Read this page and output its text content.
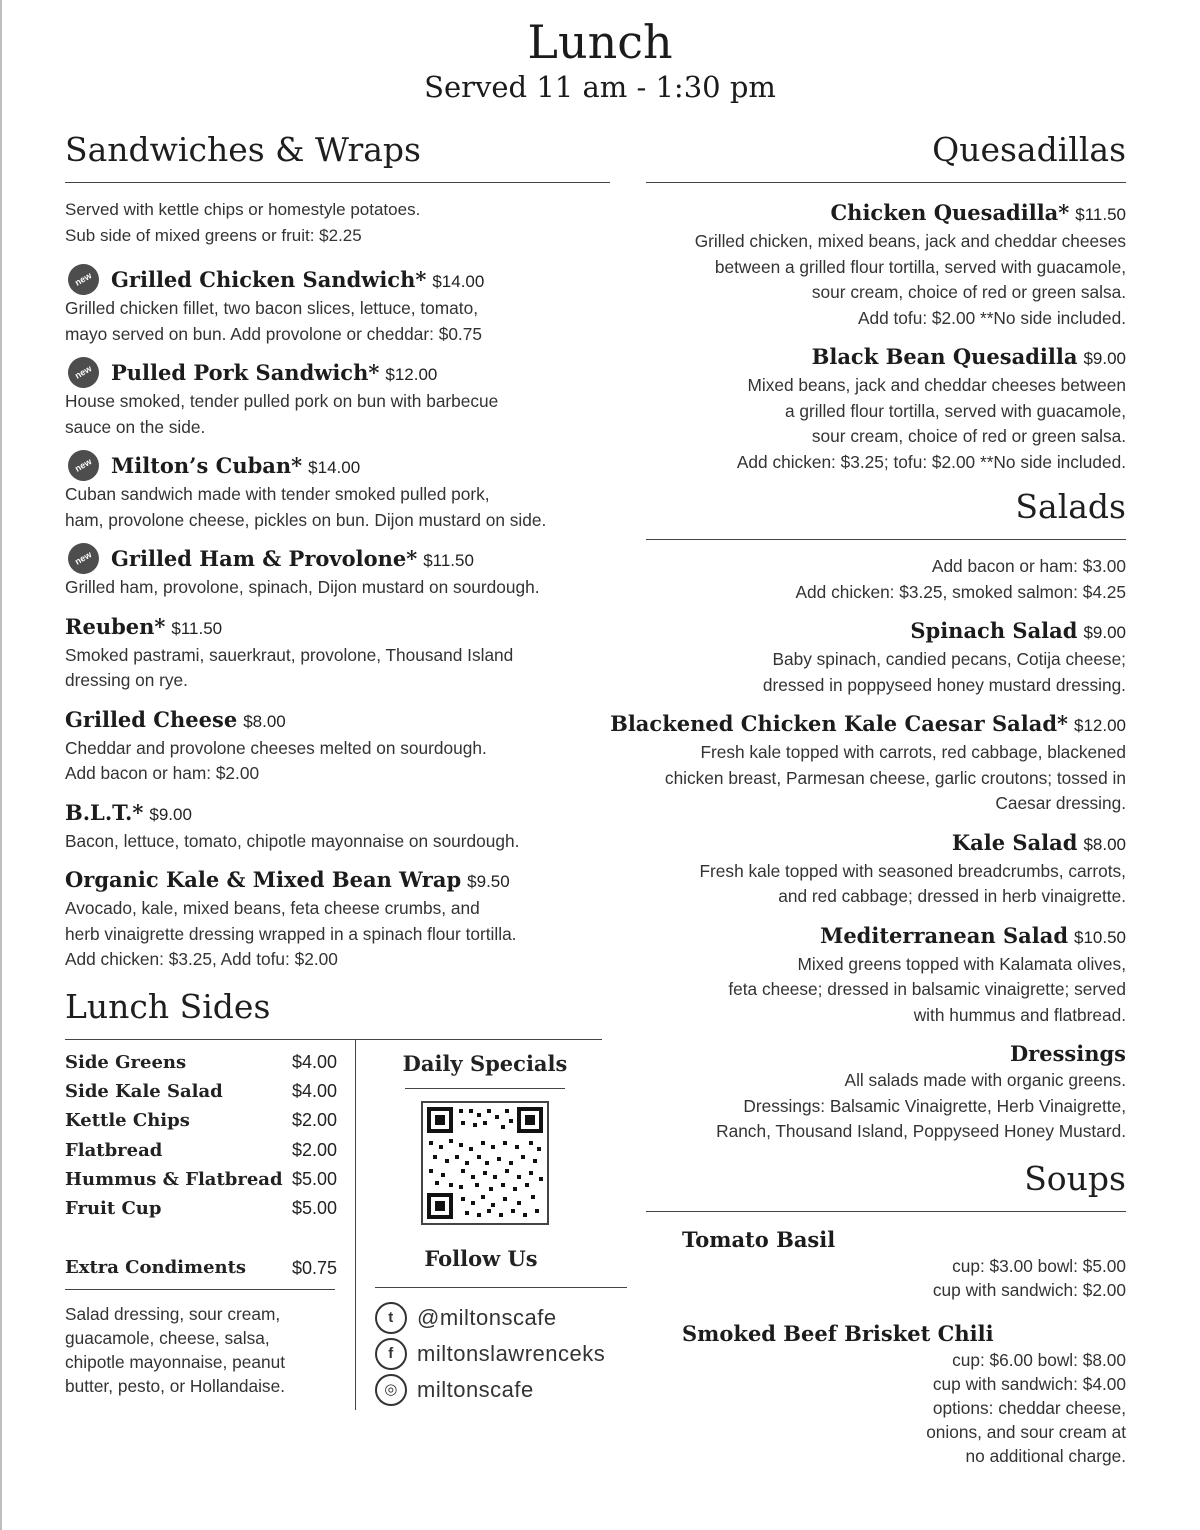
Lunch
Served 11 am - 1:30 pm
Sandwiches & Wraps
Served with kettle chips or homestyle potatoes.
Sub side of mixed greens or fruit: $2.25
new Grilled Chicken Sandwich* $14.00
Grilled chicken fillet, two bacon slices, lettuce, tomato,
mayo served on bun. Add provolone or cheddar: $0.75
new Pulled Pork Sandwich* $12.00
House smoked, tender pulled pork on bun with barbecue
sauce on the side.
new Milton’s Cuban* $14.00
Cuban sandwich made with tender smoked pulled pork,
ham, provolone cheese, pickles on bun. Dijon mustard on side.
new Grilled Ham & Provolone* $11.50
Grilled ham, provolone, spinach, Dijon mustard on sourdough.
Reuben* $11.50
Smoked pastrami, sauerkraut, provolone, Thousand Island
dressing on rye.
Grilled Cheese $8.00
Cheddar and provolone cheeses melted on sourdough.
Add bacon or ham: $2.00
B.L.T.* $9.00
Bacon, lettuce, tomato, chipotle mayonnaise on sourdough.
Organic Kale & Mixed Bean Wrap $9.50
Avocado, kale, mixed beans, feta cheese crumbs, and
herb vinaigrette dressing wrapped in a spinach flour tortilla.
Add chicken: $3.25, Add tofu: $2.00
Lunch Sides
Side Greens	$4.00
Side Kale Salad	$4.00
Kettle Chips	$2.00
Flatbread	$2.00
Hummus & Flatbread $5.00
Fruit Cup	$5.00
Extra Condiments	$0.75
Salad dressing, sour cream,
guacamole, cheese, salsa,
chipotle mayonnaise, peanut
butter, pesto, or Hollandaise.
Daily Specials
Follow Us
t	@miltonscafe
f	miltonslawrenceks
◎ miltonscafe
Quesadillas
Chicken Quesadilla* $11.50
Grilled chicken, mixed beans, jack and cheddar cheeses
between a grilled flour tortilla, served with guacamole,
sour cream, choice of red or green salsa.
Add tofu: $2.00 **No side included.
Black Bean Quesadilla $9.00
Mixed beans, jack and cheddar cheeses between
a grilled flour tortilla, served with guacamole,
sour cream, choice of red or green salsa.
Add chicken: $3.25; tofu: $2.00 **No side included.
Salads
Add bacon or ham: $3.00
Add chicken: $3.25, smoked salmon: $4.25
Spinach Salad $9.00
Baby spinach, candied pecans, Cotija cheese;
dressed in poppyseed honey mustard dressing.
Blackened Chicken Kale Caesar Salad* $12.00
Fresh kale topped with carrots, red cabbage, blackened
chicken breast, Parmesan cheese, garlic croutons; tossed in
Caesar dressing.
Kale Salad $8.00
Fresh kale topped with seasoned breadcrumbs, carrots,
and red cabbage; dressed in herb vinaigrette.
Mediterranean Salad $10.50
Mixed greens topped with Kalamata olives,
feta cheese; dressed in balsamic vinaigrette; served
with hummus and flatbread.
Dressings
All salads made with organic greens.
Dressings: Balsamic Vinaigrette, Herb Vinaigrette,
Ranch, Thousand Island, Poppyseed Honey Mustard.
Soups
Tomato Basil
cup: $3.00 bowl: $5.00
cup with sandwich: $2.00
Smoked Beef Brisket Chili
cup: $6.00 bowl: $8.00
cup with sandwich: $4.00
options: cheddar cheese,
onions, and sour cream at
no additional charge.
